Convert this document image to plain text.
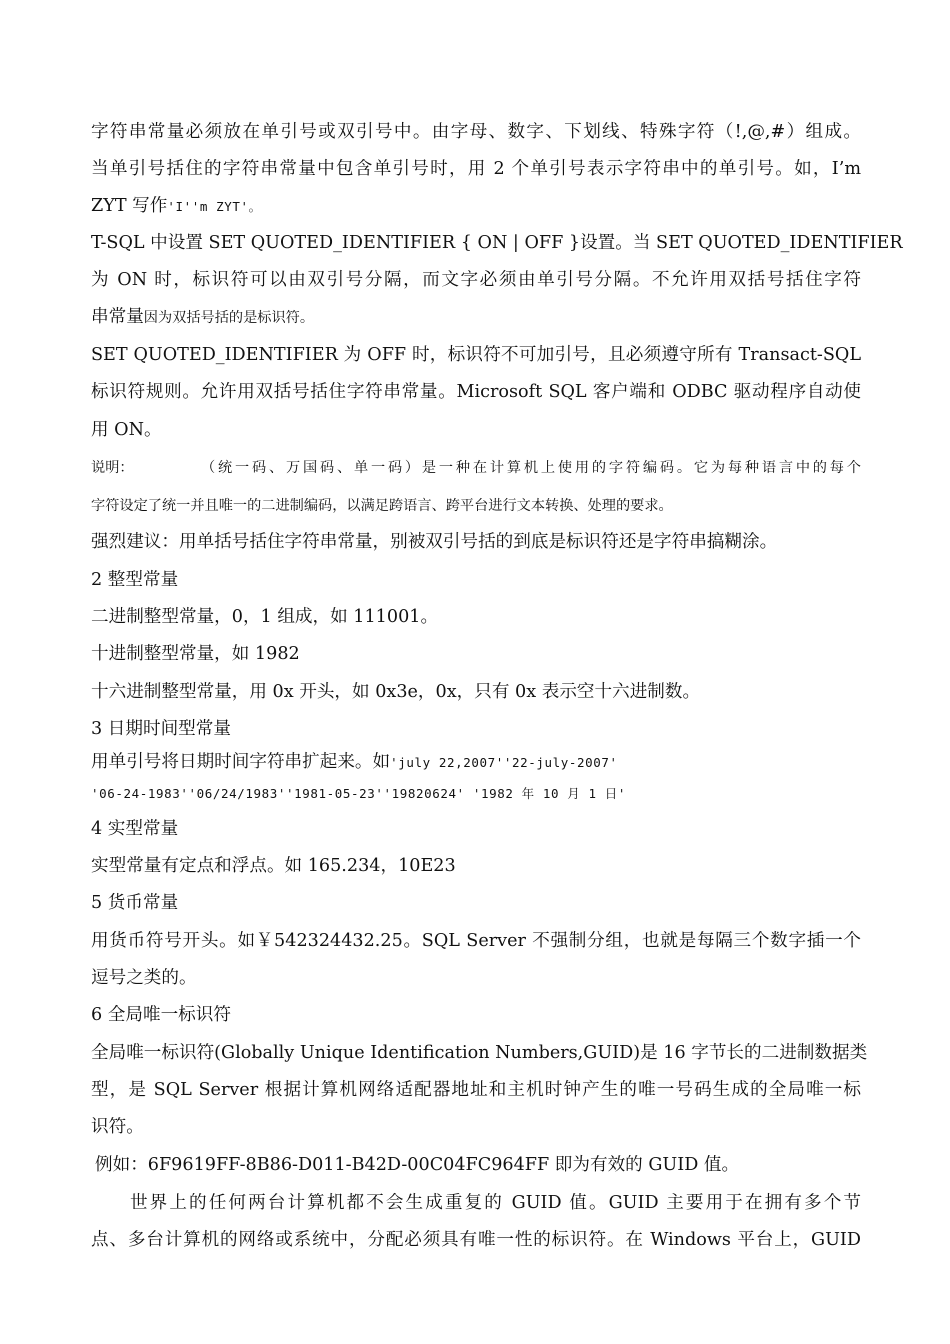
字符串常量必须放在单引号或双引号中。由字母、数字、下划线、特殊字符（!,@,#）组成。
当单引号括住的字符串常量中包含单引号时，用 2 个单引号表示字符串中的单引号。如，I’m
ZYT 写作'I''m ZYT'。
T-SQL 中设置 SET QUOTED_IDENTIFIER { ON | OFF }设置。当 SET QUOTED_IDENTIFIER
为 ON 时，标识符可以由双引号分隔，而文字必须由单引号分隔。不允许用双括号括住字符
串常量因为双括号括的是标识符。
SET QUOTED_IDENTIFIER 为 OFF 时，标识符不可加引号，且必须遵守所有 Transact-SQL
标识符规则。允许用双括号括住字符串常量。Microsoft SQL 客户端和 ODBC 驱动程序自动使
用 ON。
说明：	（统一码、万国码、单一码）是一种在计算机上使用的字符编码。它为每种语言中的每个
字符设定了统一并且唯一的二进制编码，以满足跨语言、跨平台进行文本转换、处理的要求。
强烈建议：用单括号括住字符串常量，别被双引号括的到底是标识符还是字符串搞糊涂。
2 整型常量
二进制整型常量，0，1 组成，如 111001。
十进制整型常量，如 1982
十六进制整型常量，用 0x 开头，如 0x3e，0x，只有 0x 表示空十六进制数。
3 日期时间型常量
用单引号将日期时间字符串扩起来。如'july 22,2007''22-july-2007'
'06-24-1983''06/24/1983''1981-05-23''19820624' '1982 年 10 月 1 日'
4 实型常量
实型常量有定点和浮点。如 165.234，10E23
5 货币常量
用货币符号开头。如￥542324432.25。SQL Server 不强制分组，也就是每隔三个数字插一个
逗号之类的。
6 全局唯一标识符
全局唯一标识符(Globally Unique Identification Numbers,GUID)是 16 字节长的二进制数据类
型，是 SQL Server 根据计算机网络适配器地址和主机时钟产生的唯一号码生成的全局唯一标
识符。
例如：6F9619FF-8B86-D011-B42D-00C04FC964FF 即为有效的 GUID 值。
世界上的任何两台计算机都不会生成重复的 GUID 值。GUID 主要用于在拥有多个节
点、多台计算机的网络或系统中，分配必须具有唯一性的标识符。在 Windows 平台上，GUID
